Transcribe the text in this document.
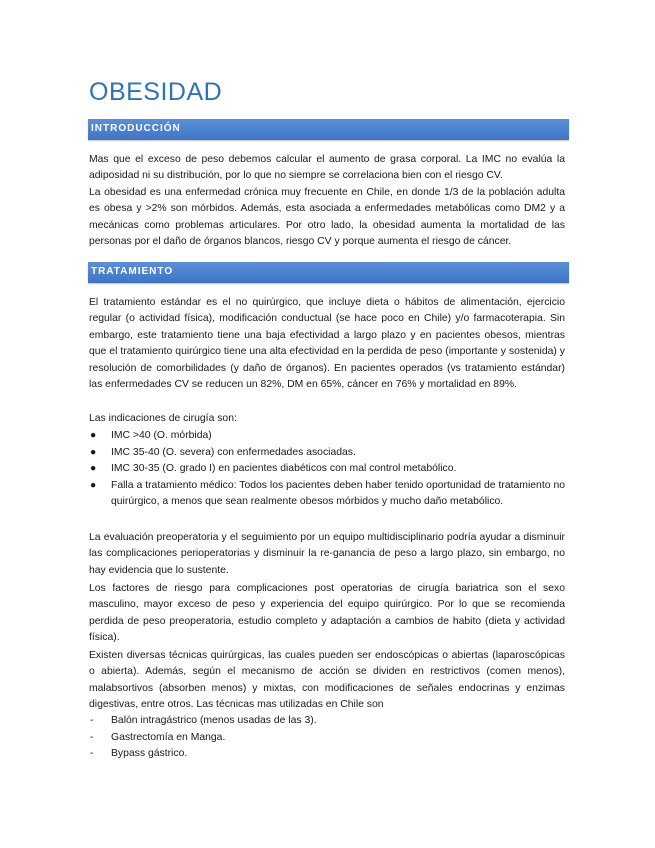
OBESIDAD
INTRODUCCIÓN

Mas que el exceso de peso debemos calcular el aumento de grasa corporal. La IMC no evalúa la adiposidad ni su distribución, por lo que no siempre se correlaciona bien con el riesgo CV.

La obesidad es una enfermedad crónica muy frecuente en Chile, en donde 1/3 de la población adulta es obesa y >2% son mórbidos. Además, esta asociada a enfermedades metabólicas como DM2 y a mecánicas como problemas articulares. Por otro lado, la obesidad aumenta la mortalidad de las personas por el daño de órganos blancos, riesgo CV y porque aumenta el riesgo de cáncer.

TRATAMIENTO

El tratamiento estándar es el no quirúrgico, que incluye dieta o hábitos de alimentación, ejercicio regular (o actividad física), modificación conductual (se hace poco en Chile) y/o farmacoterapia. Sin embargo, este tratamiento tiene una baja efectividad a largo plazo y en pacientes obesos, mientras que el tratamiento quirúrgico tiene una alta efectividad en la perdida de peso (importante y sostenida) y resolución de comorbilidades (y daño de órganos). En pacientes operados (vs tratamiento estándar) las enfermedades CV se reducen un 82%, DM en 65%, cáncer en 76% y mortalidad en 89%.

Las indicaciones de cirugía son:

● IMC >40 (O. mórbida)
● IMC 35-40 (O. severa) con enfermedades asociadas.
● IMC 30-35 (O. grado I) en pacientes diabéticos con mal control metabólico.
● Falla a tratamiento médico: Todos los pacientes deben haber tenido oportunidad de tratamiento no quirúrgico, a menos que sean realmente obesos mórbidos y mucho daño metabólico.

La evaluación preoperatoria y el seguimiento por un equipo multidisciplinario podría ayudar a disminuir las complicaciones perioperatorias y disminuir la re-ganancia de peso a largo plazo, sin embargo, no hay evidencia que lo sustente.

Los factores de riesgo para complicaciones post operatorias de cirugía bariatrica son el sexo masculino, mayor exceso de peso y experiencia del equipo quirúrgico. Por lo que se recomienda perdida de peso preoperatoria, estudio completo y adaptación a cambios de habito (dieta y actividad física).

Existen diversas técnicas quirúrgicas, las cuales pueden ser endoscópicas o abiertas (laparoscópicas o abierta). Además, según el mecanismo de acción se dividen en restrictivos (comen menos), malabsortivos (absorben menos) y mixtas, con modificaciones de señales endocrinas y enzimas digestivas, entre otros. Las técnicas mas utilizadas en Chile son

- Balón intragástrico (menos usadas de las 3).
- Gastrectomía en Manga.
- Bypass gástrico.
